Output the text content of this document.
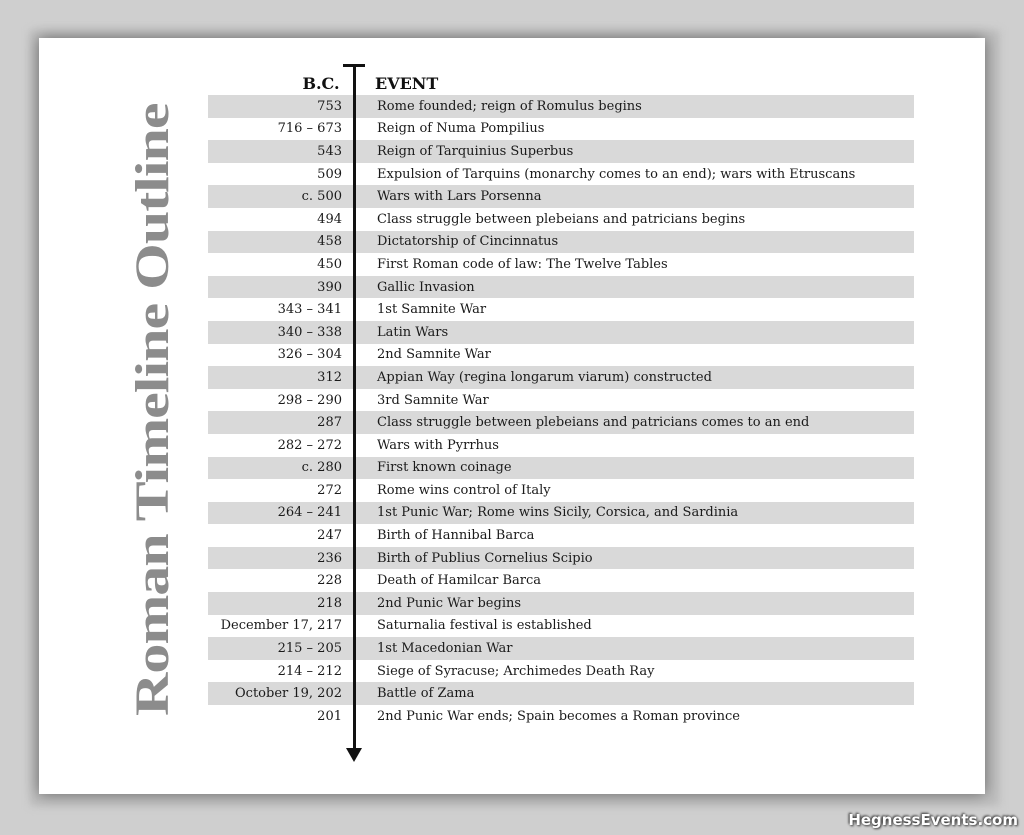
Roman Timeline Outline
B.C.	EVENT
753	Rome founded; reign of Romulus begins
716 – 673	Reign of Numa Pompilius
543	Reign of Tarquinius Superbus
509	Expulsion of Tarquins (monarchy comes to an end); wars with Etruscans
c. 500	Wars with Lars Porsenna
494	Class struggle between plebeians and patricians begins
458	Dictatorship of Cincinnatus
450	First Roman code of law: The Twelve Tables
390	Gallic Invasion
343 – 341	1st Samnite War
340 – 338	Latin Wars
326 – 304	2nd Samnite War
312	Appian Way (regina longarum viarum) constructed
298 – 290	3rd Samnite War
287	Class struggle between plebeians and patricians comes to an end
282 – 272	Wars with Pyrrhus
c. 280	First known coinage
272	Rome wins control of Italy
264 – 241	1st Punic War; Rome wins Sicily, Corsica, and Sardinia
247	Birth of Hannibal Barca
236	Birth of Publius Cornelius Scipio
228	Death of Hamilcar Barca
218	2nd Punic War begins
December 17, 217	Saturnalia festival is established
215 – 205	1st Macedonian War
214 – 212	Siege of Syracuse; Archimedes Death Ray
October 19, 202	Battle of Zama
201	2nd Punic War ends; Spain becomes a Roman province
HegnessEvents.com
